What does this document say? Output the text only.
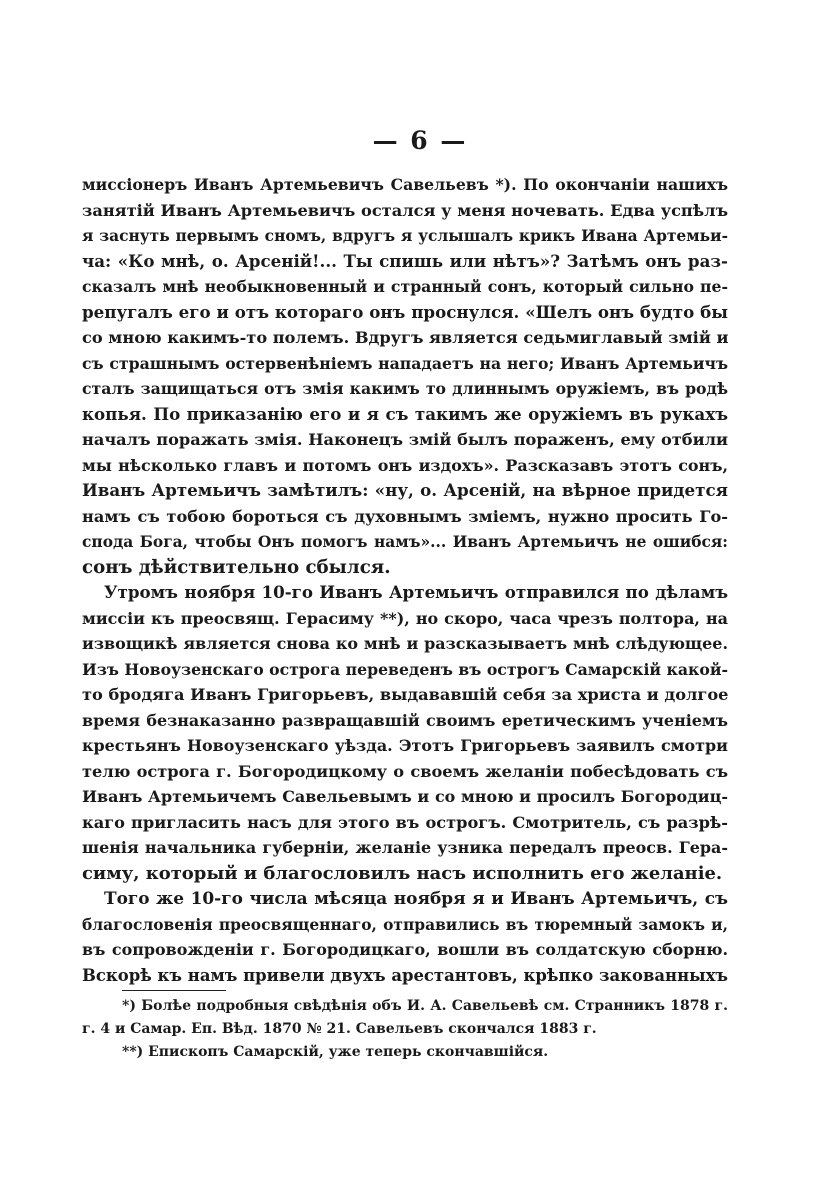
— 6 —
миссiонеръ Иванъ Артемьевичъ Савельевъ *). По окончанiи нашихъ
занятiй Иванъ Артемьевичъ остался у меня ночевать. Едва успѣлъ
я заснуть первымъ сномъ, вдругъ я услышалъ крикъ Ивана Артемьи-
ча: «Ко мнѣ, о. Арсенiй!... Ты спишь или нѣтъ»? Затѣмъ онъ раз-
сказалъ мнѣ необыкновенный и странный сонъ, который сильно пе-
репугалъ его и отъ котораго онъ проснулся. «Шелъ онъ будто бы
со мною какимъ-то полемъ. Вдругъ является седьмиглавый змiй и
съ страшнымъ остервенѣнiемъ нападаетъ на него; Иванъ Артемьичъ
сталъ защищаться отъ змiя какимъ то длиннымъ оружiемъ, въ родѣ
копья. По приказанiю его и я съ такимъ же оружiемъ въ рукахъ
началъ поражать змiя. Наконецъ змiй былъ пораженъ, ему отбили
мы нѣсколько главъ и потомъ онъ издохъ». Разсказавъ этотъ сонъ,
Иванъ Артемьичъ замѣтилъ: «ну, о. Арсенiй, на вѣрное придется
намъ съ тобою бороться съ духовнымъ змiемъ, нужно просить Го-
спода Бога, чтобы Онъ помогъ намъ»... Иванъ Артемьичъ не ошибся:
сонъ дѣйствительно сбылся.
Утромъ ноября 10-го Иванъ Артемьичъ отправился по дѣламъ
миссiи къ преосвящ. Герасиму **), но скоро, часа чрезъ полтора, на
извощикѣ является снова ко мнѣ и разсказываетъ мнѣ слѣдующее.
Изъ Новоузенскаго острога переведенъ въ острогъ Самарскiй какой-
то бродяга Иванъ Григорьевъ, выдававшiй себя за христа и долгое
время безнаказанно развращавшiй своимъ еретическимъ ученiемъ
крестьянъ Новоузенскаго уѣзда. Этотъ Григорьевъ заявилъ смотри
телю острога г. Богородицкому о своемъ желанiи побесѣдовать съ
Иванъ Артемьичемъ Савельевымъ и со мною и просилъ Богородиц-
каго пригласить насъ для этого въ острогъ. Смотритель, съ разрѣ-
шенiя начальника губернiи, желанiе узника передалъ преосв. Гера-
симу, который и благословилъ насъ исполнить его желанiе.
Того же 10-го числа мѣсяца ноября я и Иванъ Артемьичъ, съ
благословенiя преосвященнаго, отправились въ тюремный замокъ и,
въ сопровожденiи г. Богородицкаго, вошли въ солдатскую сборню.
Вскорѣ къ намъ привели двухъ арестантовъ, крѣпко закованныхъ
*) Болѣе подробныя свѣдѣнiя объ И. А. Савельевѣ см. Странникъ 1878 г.
г. 4 и Самар. Еп. Вѣд. 1870 № 21. Савельевъ скончался 1883 г.
**) Епископъ Самарскiй, уже теперь скончавшiйся.
